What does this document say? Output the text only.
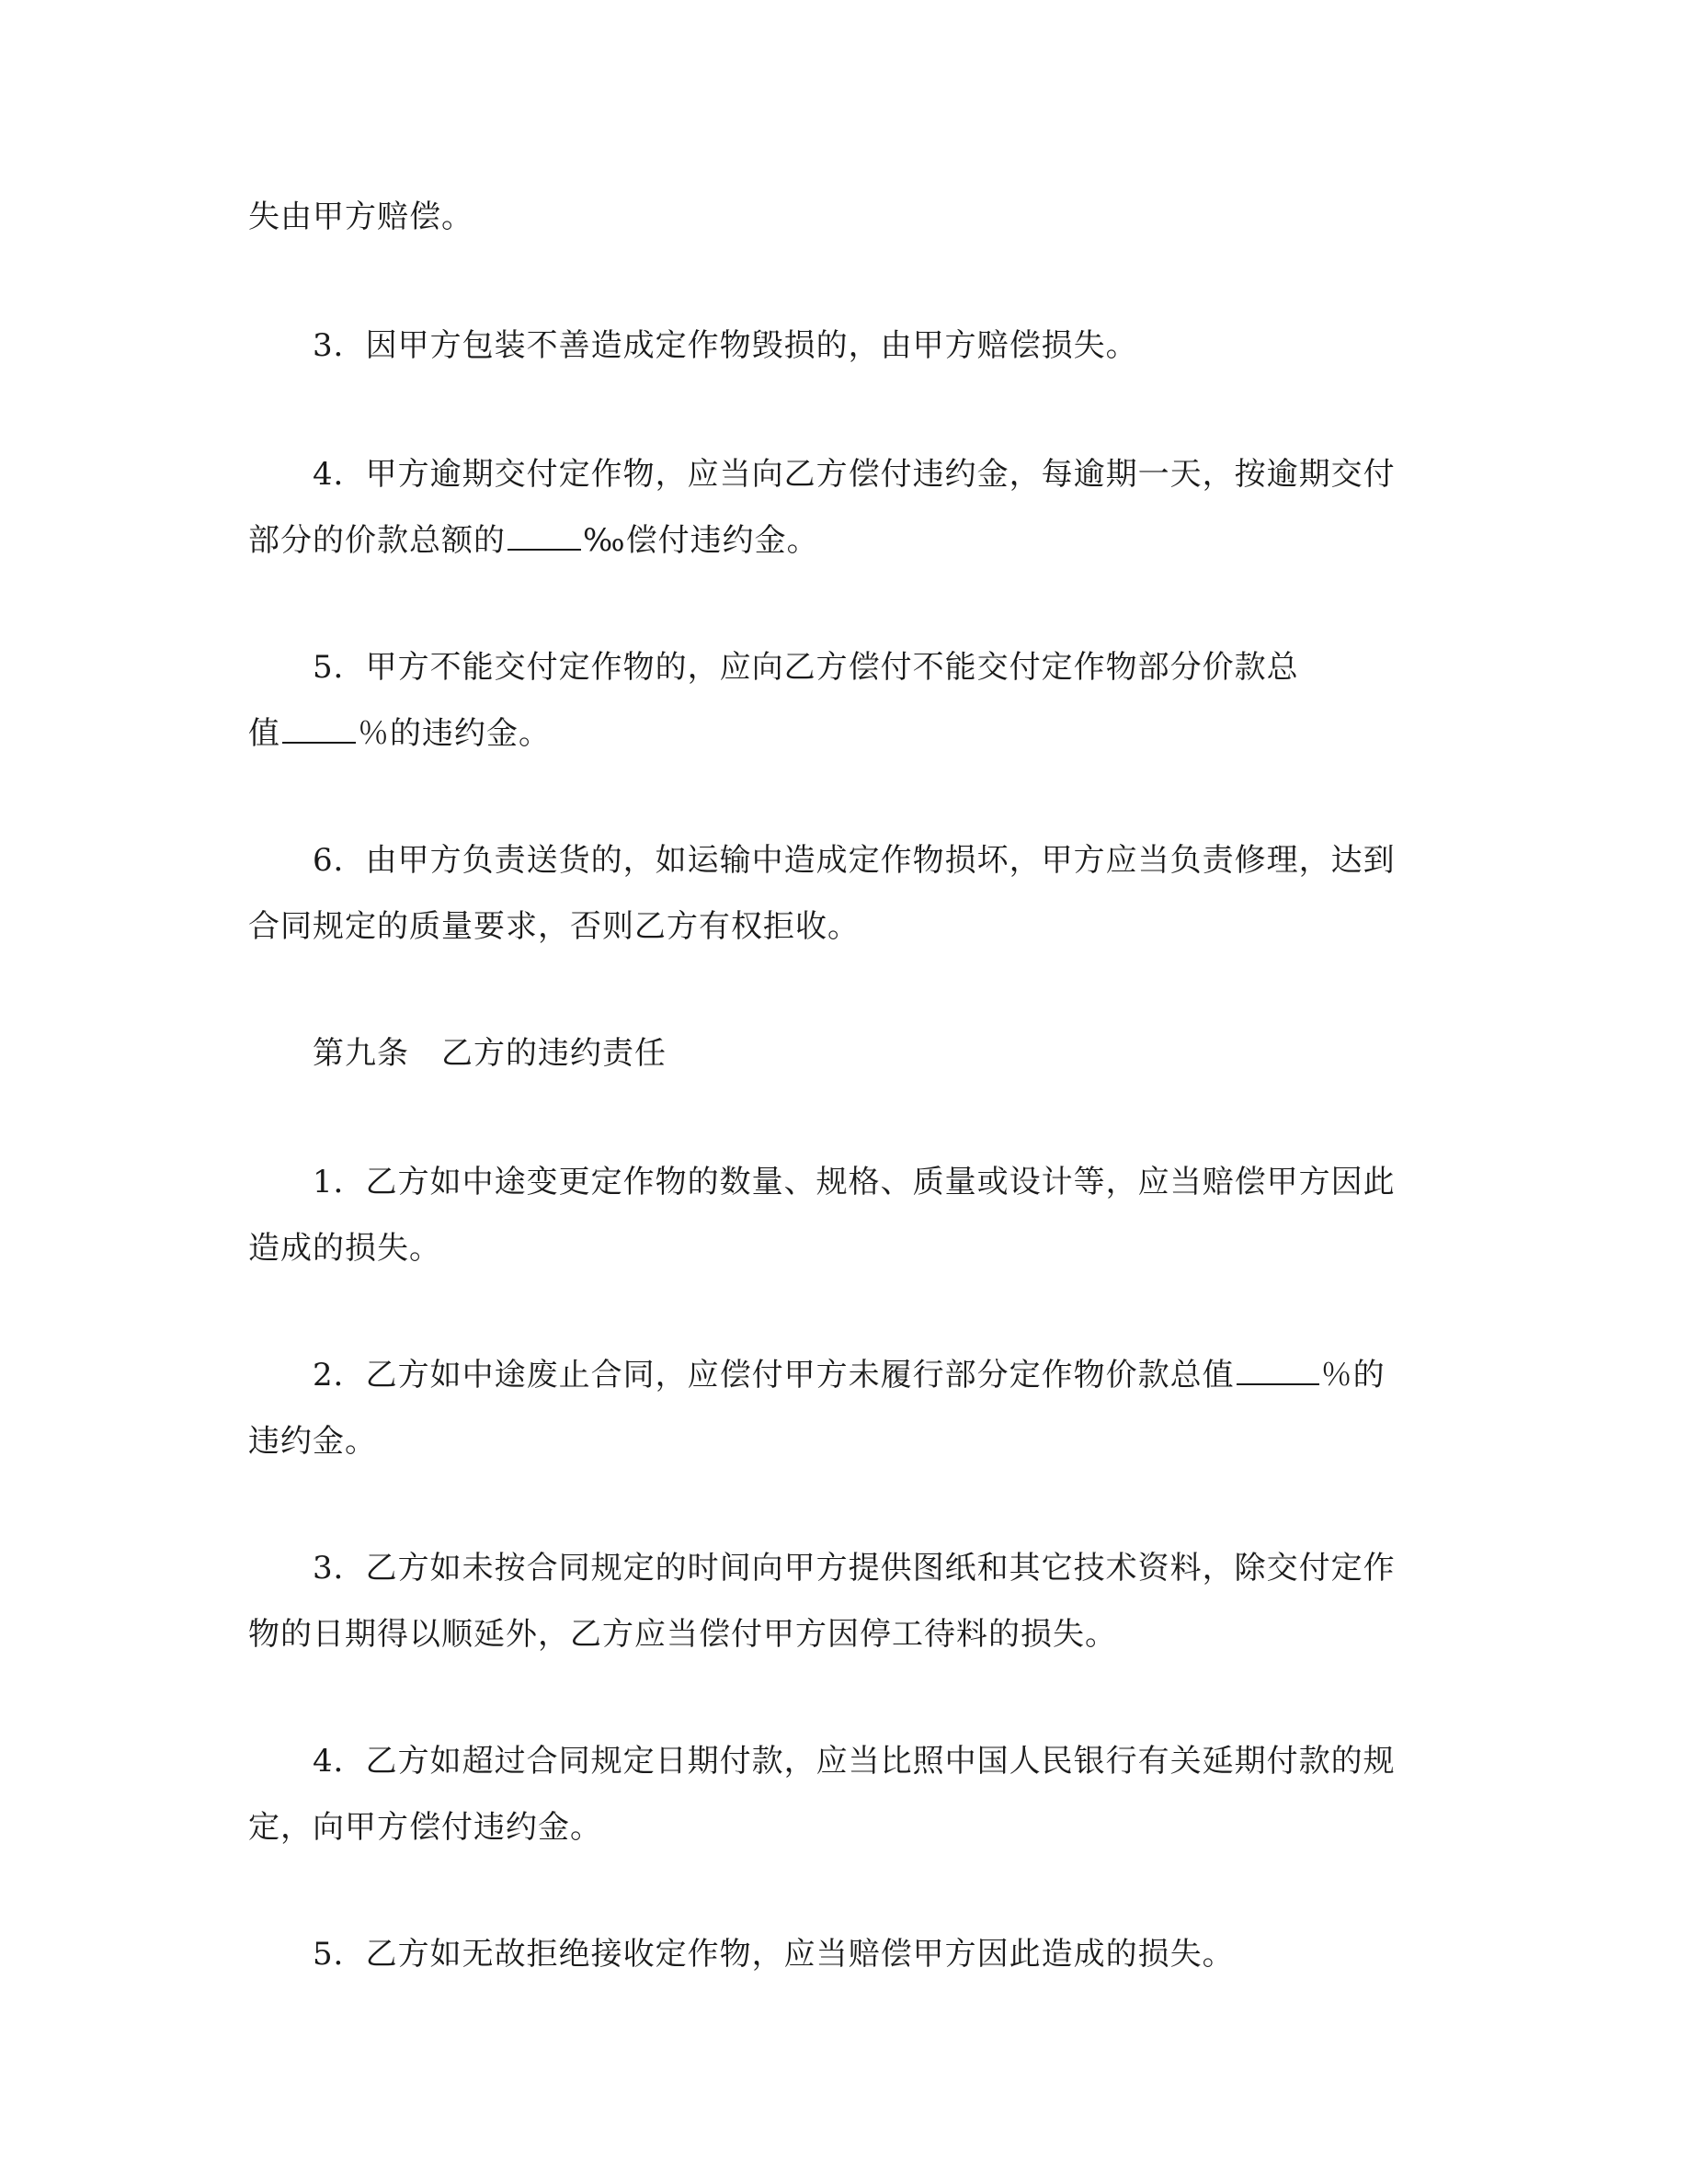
失由甲方赔偿。
3．因甲方包装不善造成定作物毁损的，由甲方赔偿损失。
4．甲方逾期交付定作物，应当向乙方偿付违约金，每逾期一天，按逾期交付
部分的价款总额的 ‰偿付违约金。
5．甲方不能交付定作物的，应向乙方偿付不能交付定作物部分价款总
值 ％的违约金。
6．由甲方负责送货的，如运输中造成定作物损坏，甲方应当负责修理，达到
合同规定的质量要求，否则乙方有权拒收。
第九条　乙方的违约责任
1．乙方如中途变更定作物的数量、规格、质量或设计等，应当赔偿甲方因此
造成的损失。
2．乙方如中途废止合同，应偿付甲方未履行部分定作物价款总值	％的
违约金。
3．乙方如未按合同规定的时间向甲方提供图纸和其它技术资料，除交付定作
物的日期得以顺延外，乙方应当偿付甲方因停工待料的损失。
4．乙方如超过合同规定日期付款，应当比照中国人民银行有关延期付款的规
定，向甲方偿付违约金。
5．乙方如无故拒绝接收定作物，应当赔偿甲方因此造成的损失。
